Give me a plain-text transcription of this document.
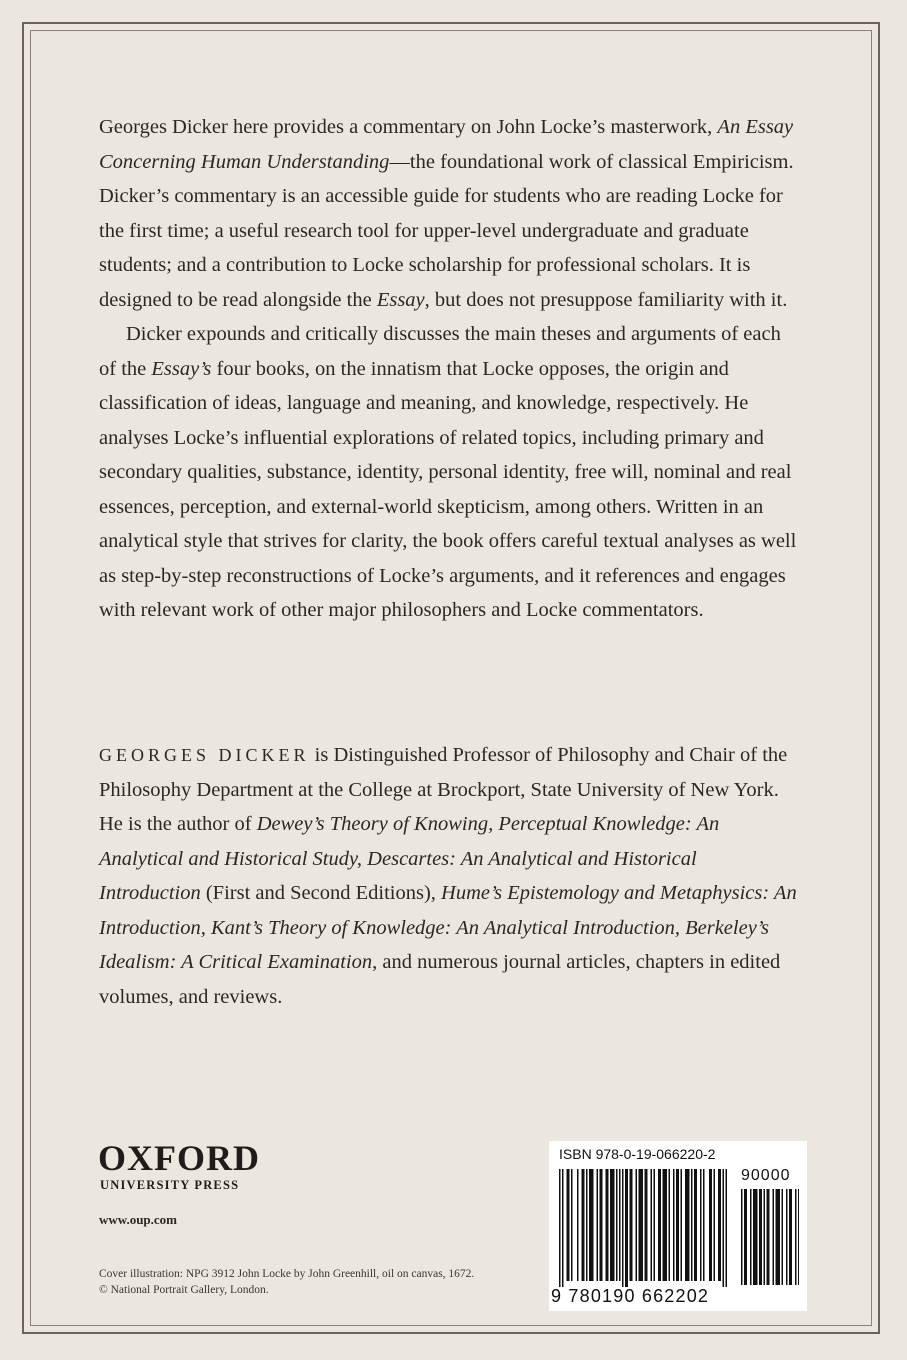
Georges Dicker here provides a commentary on John Locke’s masterwork, An Essay Concerning Human Understanding—the foundational work of classical Empiricism. Dicker’s commentary is an accessible guide for students who are reading Locke for the first time; a useful research tool for upper-level undergraduate and graduate students; and a contribution to Locke scholarship for professional scholars. It is designed to be read alongside the Essay, but does not presuppose familiarity with it.

Dicker expounds and critically discusses the main theses and arguments of each of the Essay’s four books, on the innatism that Locke opposes, the origin and classification of ideas, language and meaning, and knowledge, respectively. He analyses Locke’s influential explorations of related topics, including primary and secondary qualities, substance, identity, personal identity, free will, nominal and real essences, perception, and external-world skepticism, among others. Written in an analytical style that strives for clarity, the book offers careful textual analyses as well as step-by-step reconstructions of Locke’s arguments, and it references and engages with relevant work of other major philosophers and Locke commentators.

GEORGES DICKER is Distinguished Professor of Philosophy and Chair of the Philosophy Department at the College at Brockport, State University of New York. He is the author of Dewey’s Theory of Knowing, Perceptual Knowledge: An Analytical and Historical Study, Descartes: An Analytical and Historical Introduction (First and Second Editions), Hume’s Epistemology and Metaphysics: An Introduction, Kant’s Theory of Knowledge: An Analytical Introduction, Berkeley’s Idealism: A Critical Examination, and numerous journal articles, chapters in edited volumes, and reviews.

OXFORD
UNIVERSITY PRESS
www.oup.com
Cover illustration: NPG 3912 John Locke by John Greenhill, oil on canvas, 1672.
© National Portrait Gallery, London.
ISBN 978-0-19-066220-2
90000
9 780190 662202
